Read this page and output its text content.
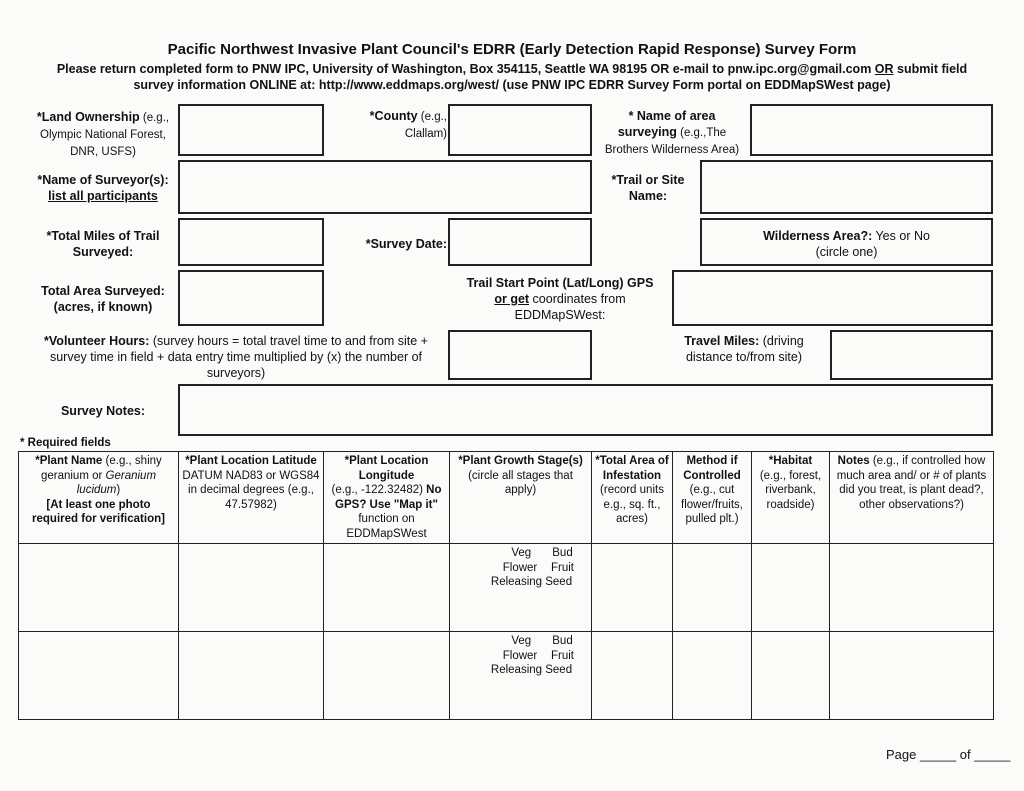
Pacific Northwest Invasive Plant Council's EDRR (Early Detection Rapid Response) Survey Form
Please return completed form to PNW IPC, University of Washington, Box 354115, Seattle WA 98195 OR e-mail to pnw.ipc.org@gmail.com OR submit field
survey information ONLINE at: http://www.eddmaps.org/west/ (use PNW IPC EDRR Survey Form portal on EDDMapSWest page)
*Land Ownership (e.g.,
Olympic National Forest,
DNR, USFS)
*County (e.g.,
Clallam)
* Name of area
surveying (e.g.,The
Brothers Wilderness Area)
*Name of Surveyor(s):
list all participants
*Trail or Site
Name:
*Total Miles of Trail
Surveyed:
*Survey Date:
Wilderness Area?: Yes or No
(circle one)
Total Area Surveyed:
(acres, if known)
Trail Start Point (Lat/Long) GPS
or get coordinates from
EDDMapSWest:
*Volunteer Hours: (survey hours = total travel time to and from site +
survey time in field + data entry time multiplied by (x) the number of
surveyors)
Travel Miles: (driving
distance to/from site)
Survey Notes:
* Required fields
*Plant Name (e.g., shiny geranium or Geranium lucidum)
[At least one photo required for verification]	*Plant Location Latitude
DATUM NAD83 or WGS84 in decimal degrees (e.g., 47.57982)	*Plant Location Longitude
(e.g., -122.32482) No GPS? Use "Map it"
function on EDDMapSWest	*Plant Growth Stage(s)
(circle all stages that apply)	*Total Area of Infestation
(record units e.g., sq. ft., acres)	Method if Controlled
(e.g., cut flower/fruits, pulled plt.)	*Habitat
(e.g., forest, riverbank, roadside)	Notes (e.g., if controlled how much area and/ or # of plants did you treat, is plant dead?, other observations?)

			Veg Bud
Flower Fruit
Releasing Seed				

			Veg Bud
Flower Fruit
Releasing Seed				

Page _____ of _____
